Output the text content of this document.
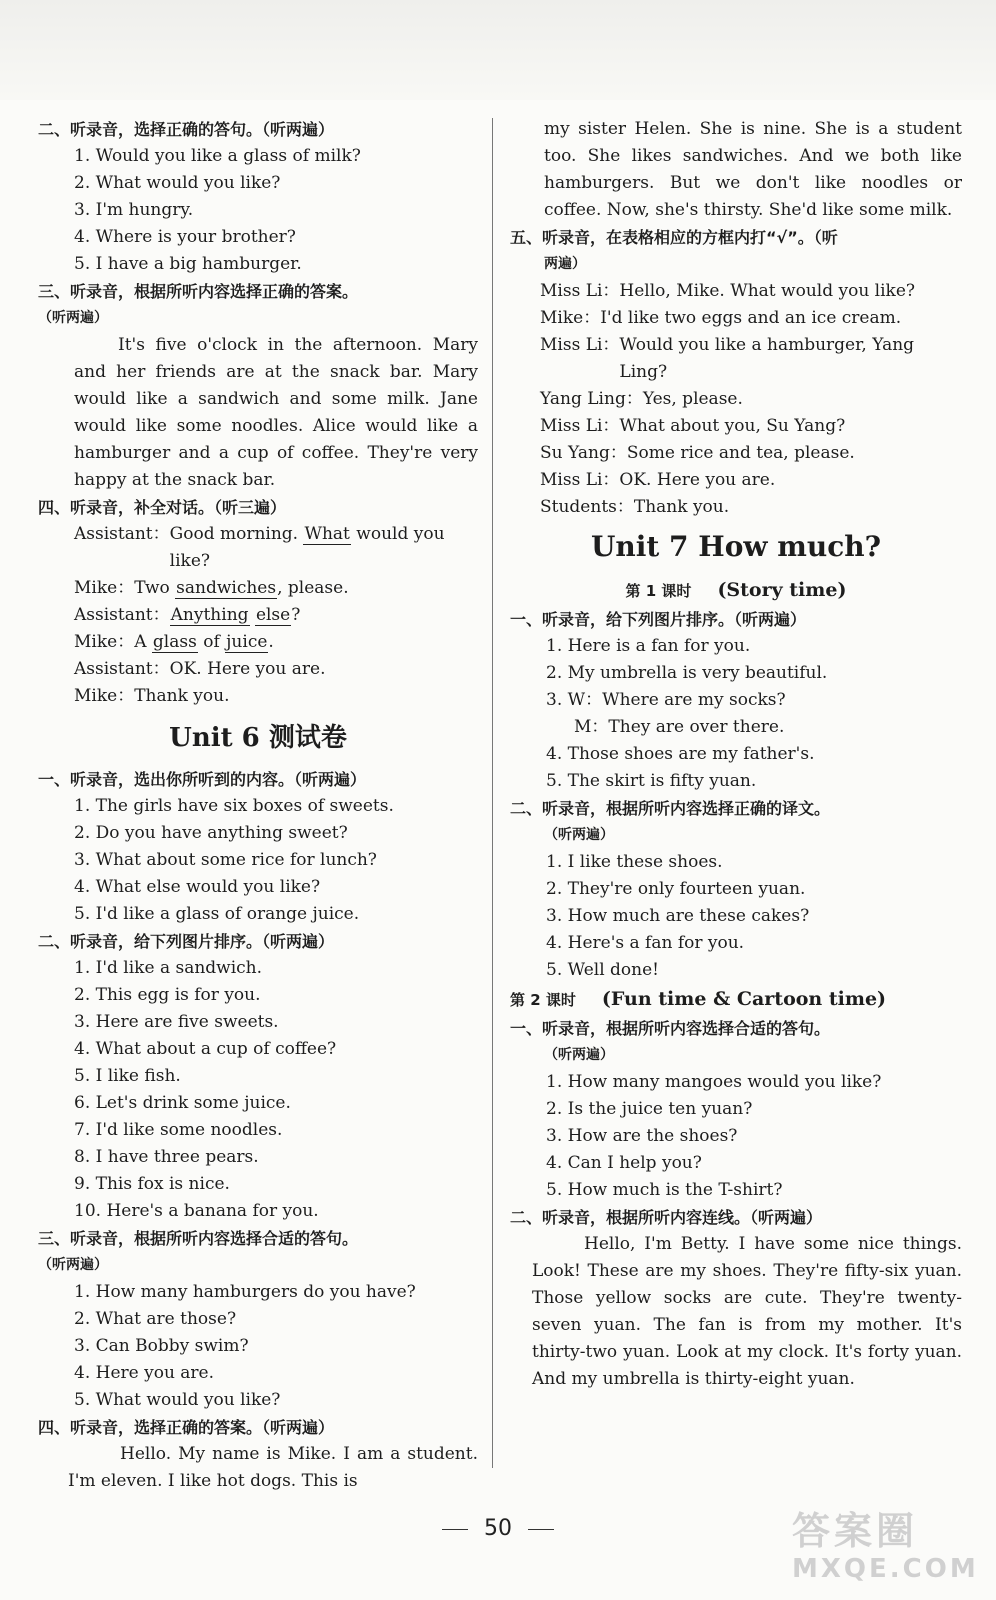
二、听录音，选择正确的答句。（听两遍）
1. Would you like a glass of milk?
2. What would you like?
3. I'm hungry.
4. Where is your brother?
5. I have a big hamburger.
三、听录音，根据所听内容选择正确的答案。
（听两遍）
It's five o'clock in the afternoon. Mary and her friends are at the snack bar. Mary would like a sandwich and some milk. Jane would like some noodles. Alice would like a hamburger and a cup of coffee. They're very happy at the snack bar.
四、听录音，补全对话。（听三遍）
Assistant： Good morning. What would you like?
Mike： Two sandwiches, please.
Assistant： Anything else?
Mike： A glass of juice.
Assistant： OK. Here you are.
Mike： Thank you.
Unit 6 测试卷
一、听录音，选出你所听到的内容。（听两遍）
1. The girls have six boxes of sweets.
2. Do you have anything sweet?
3. What about some rice for lunch?
4. What else would you like?
5. I'd like a glass of orange juice.
二、听录音，给下列图片排序。（听两遍）
1. I'd like a sandwich.
2. This egg is for you.
3. Here are five sweets.
4. What about a cup of coffee?
5. I like fish.
6. Let's drink some juice.
7. I'd like some noodles.
8. I have three pears.
9. This fox is nice.
10. Here's a banana for you.
三、听录音，根据所听内容选择合适的答句。
（听两遍）
1. How many hamburgers do you have?
2. What are those?
3. Can Bobby swim?
4. Here you are.
5. What would you like?
四、听录音，选择正确的答案。（听两遍）
Hello. My name is Mike. I am a student. I'm eleven. I like hot dogs. This is
my sister Helen. She is nine. She is a student too. She likes sandwiches. And we both like hamburgers. But we don't like noodles or coffee. Now, she's thirsty. She'd like some milk.
五、听录音，在表格相应的方框内打“√”。（听
两遍）
Miss Li： Hello, Mike. What would you like?
Mike： I'd like two eggs and an ice cream.
Miss Li： Would you like a hamburger, Yang Ling?
Yang Ling： Yes, please.
Miss Li： What about you, Su Yang?
Su Yang： Some rice and tea, please.
Miss Li： OK. Here you are.
Students： Thank you.
Unit 7 How much?
第 1 课时 (Story time)
一、听录音，给下列图片排序。（听两遍）
1. Here is a fan for you.
2. My umbrella is very beautiful.
3. W：Where are my socks?
M：They are over there.
4. Those shoes are my father's.
5. The skirt is fifty yuan.
二、听录音，根据所听内容选择正确的译文。
（听两遍）
1. I like these shoes.
2. They're only fourteen yuan.
3. How much are these cakes?
4. Here's a fan for you.
5. Well done!
第 2 课时 (Fun time & Cartoon time)
一、听录音，根据所听内容选择合适的答句。
（听两遍）
1. How many mangoes would you like?
2. Is the juice ten yuan?
3. How are the shoes?
4. Can I help you?
5. How much is the T-shirt?
二、听录音，根据所听内容连线。（听两遍）
Hello, I'm Betty. I have some nice things. Look! These are my shoes. They're fifty-six yuan. Those yellow socks are cute. They're twenty-seven yuan. The fan is from my mother. It's thirty-two yuan. Look at my clock. It's forty yuan. And my umbrella is thirty-eight yuan.
50	答案圈
MXQE.COM
